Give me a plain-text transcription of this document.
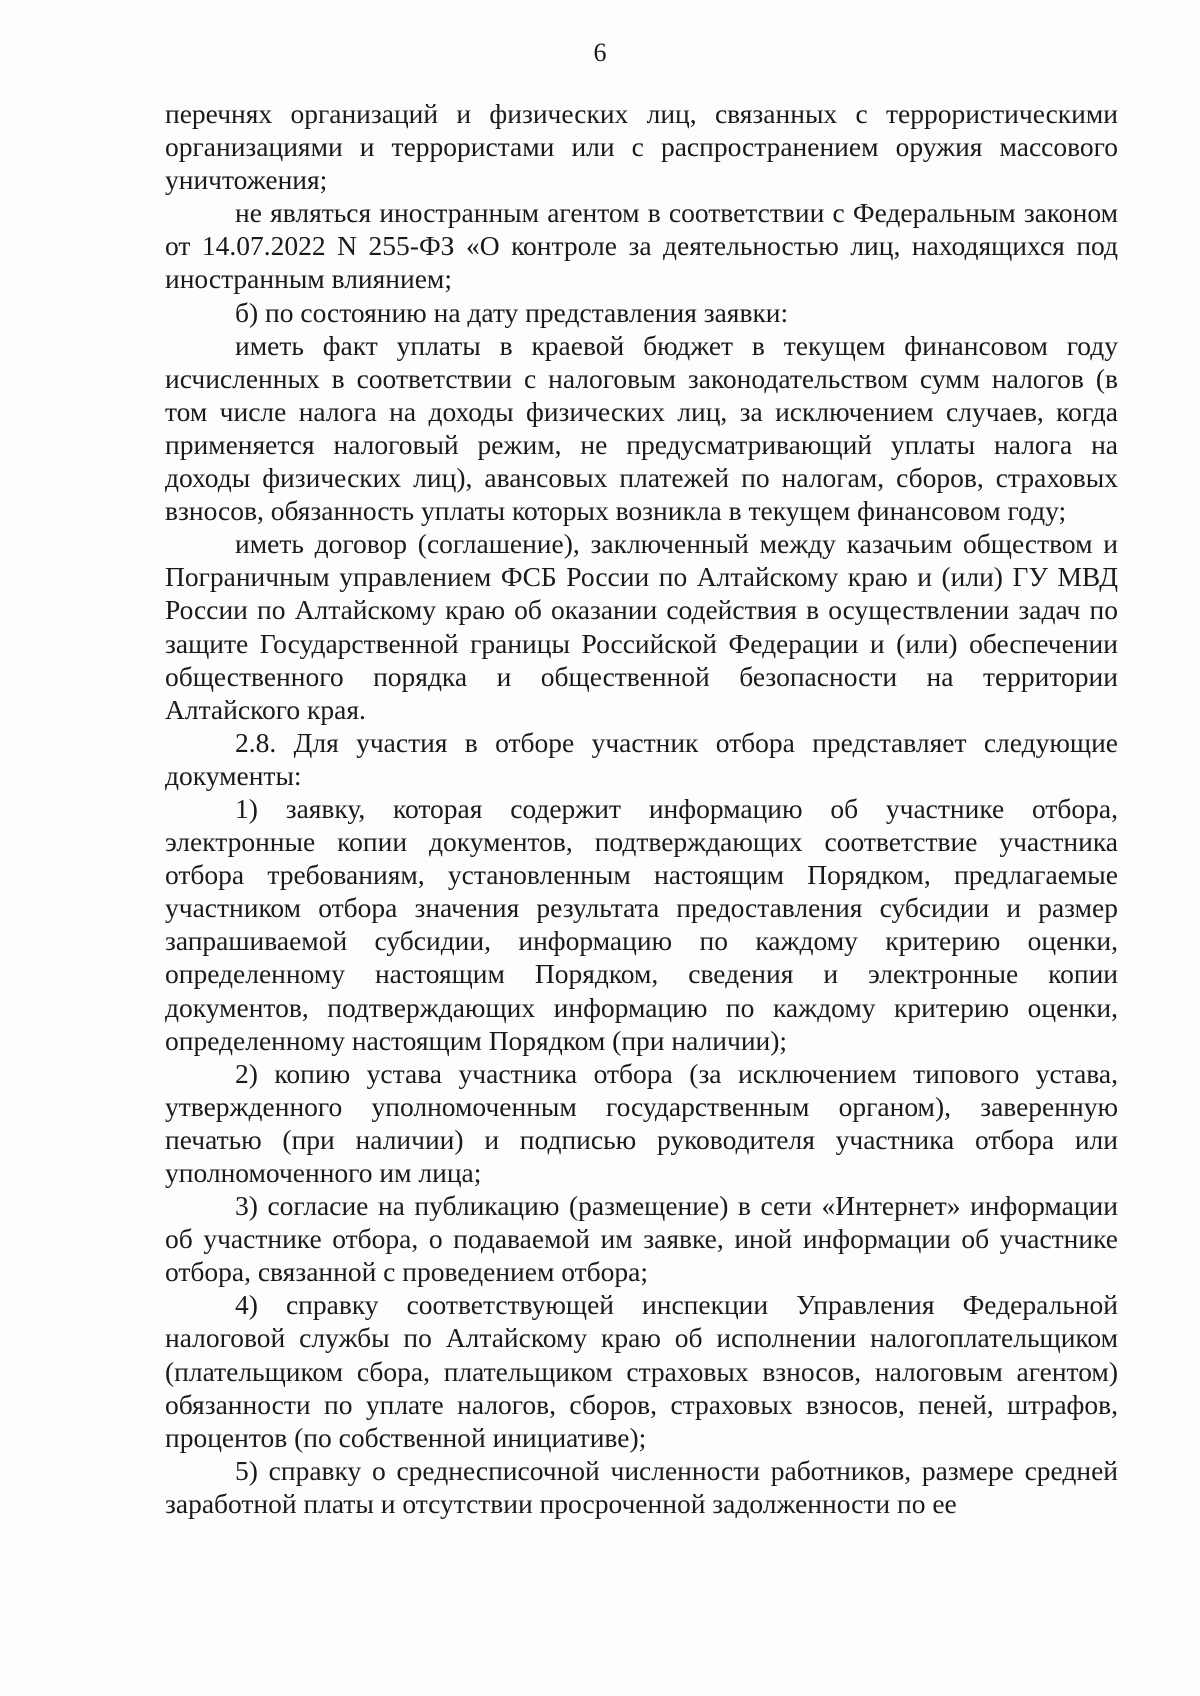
6

перечнях организаций и физических лиц, связанных с террористическими организациями и террористами или с распространением оружия массового уничтожения;

не являться иностранным агентом в соответствии с Федеральным законом от 14.07.2022 N 255-ФЗ «О контроле за деятельностью лиц, находящихся под иностранным влиянием;

б) по состоянию на дату представления заявки:

иметь факт уплаты в краевой бюджет в текущем финансовом году исчисленных в соответствии с налоговым законодательством сумм налогов (в том числе налога на доходы физических лиц, за исключением случаев, когда применяется налоговый режим, не предусматривающий уплаты налога на доходы физических лиц), авансовых платежей по налогам, сборов, страховых взносов, обязанность уплаты которых возникла в текущем финансовом году;

иметь договор (соглашение), заключенный между казачьим обществом и Пограничным управлением ФСБ России по Алтайскому краю и (или) ГУ МВД России по Алтайскому краю об оказании содействия в осуществлении задач по защите Государственной границы Российской Федерации и (или) обеспечении общественного порядка и общественной безопасности на территории Алтайского края.

2.8. Для участия в отборе участник отбора представляет следующие документы:

1) заявку, которая содержит информацию об участнике отбора, электронные копии документов, подтверждающих соответствие участника отбора требованиям, установленным настоящим Порядком, предлагаемые участником отбора значения результата предоставления субсидии и размер запрашиваемой субсидии, информацию по каждому критерию оценки, определенному настоящим Порядком, сведения и электронные копии документов, подтверждающих информацию по каждому критерию оценки, определенному настоящим Порядком (при наличии);

2) копию устава участника отбора (за исключением типового устава, утвержденного уполномоченным государственным органом), заверенную печатью (при наличии) и подписью руководителя участника отбора или уполномоченного им лица;

3) согласие на публикацию (размещение) в сети «Интернет» информации об участнике отбора, о подаваемой им заявке, иной информации об участнике отбора, связанной с проведением отбора;

4) справку соответствующей инспекции Управления Федеральной налоговой службы по Алтайскому краю об исполнении налогоплательщиком (плательщиком сбора, плательщиком страховых взносов, налоговым агентом) обязанности по уплате налогов, сборов, страховых взносов, пеней, штрафов, процентов (по собственной инициативе);

5) справку о среднесписочной численности работников, размере средней заработной платы и отсутствии просроченной задолженности по ее
